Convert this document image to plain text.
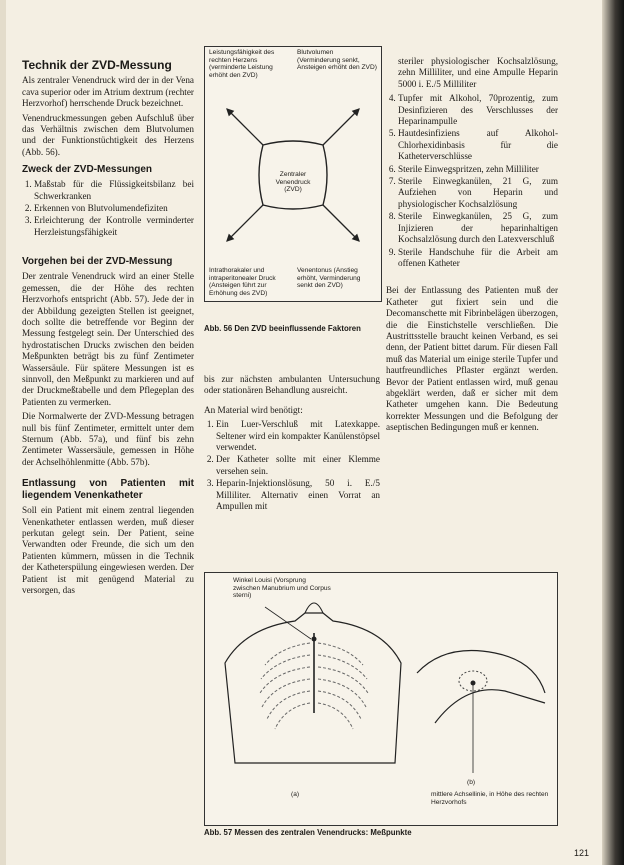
Technik der ZVD-Messung

Als zentraler Venendruck wird der in der Vena cava superior oder im Atrium dextrum (rechter Herzvorhof) herrschende Druck bezeichnet.

Venendruckmessungen geben Aufschluß über das Verhältnis zwischen dem Blutvolumen und der Funktionstüchtigkeit des Herzens (Abb. 56).

Zweck der ZVD-Messungen
1. Maßstab für die Flüssigkeitsbilanz bei Schwerkranken
2. Erkennen von Blutvolumendefiziten
3. Erleichterung der Kontrolle verminderter Herzleistungsfähigkeit
Vorgehen bei der ZVD-Messung

Der zentrale Venendruck wird an einer Stelle gemessen, die der Höhe des rechten Herzvorhofs entspricht (Abb. 57). Jede der in der Abbildung gezeigten Stellen ist geeignet, doch sollte die betreffende vor Beginn der Messung festgelegt sein. Der Unterschied des hydrostatischen Drucks zwischen den beiden Meßpunkten beträgt bis zu fünf Zentimeter Wassersäule. Für spätere Messungen ist es sinnvoll, den Meßpunkt zu markieren und auf der Druckmeßtabelle und dem Pflegeplan des Patienten zu vermerken.

Die Normalwerte der ZVD-Messung betragen null bis fünf Zentimeter, ermittelt unter dem Sternum (Abb. 57a), und fünf bis zehn Zentimeter Wassersäule, gemessen in Höhe der Achselhöhlenmitte (Abb. 57b).

Entlassung von Patienten mit liegendem Venenkatheter

Soll ein Patient mit einem zentral liegenden Venenkatheter entlassen werden, muß dieser perkutan gelegt sein. Der Patient, seine Verwandten oder Freunde, die sich um den Patienten kümmern, müssen in die Technik der Katheterspülung eingewiesen werden. Der Patient ist mit genügend Material zu versorgen, das

Leistungsfähigkeit des rechten Herzens (verminderte Leistung erhöht den ZVD)
Blutvolumen (Verminderung senkt, Ansteigen erhöht den ZVD)
Zentraler Venendruck (ZVD)
Intrathorakaler und intraperitonealer Druck (Ansteigen führt zur Erhöhung des ZVD)
Venentonus (Anstieg erhöht, Verminderung senkt den ZVD)
Abb. 56 Den ZVD beeinflussende Faktoren

bis zur nächsten ambulanten Untersuchung oder stationären Behandlung ausreicht.

An Material wird benötigt:

1. Ein Luer-Verschluß mit Latexkappe. Seltener wird ein kompakter Kanülenstöpsel verwendet.
2. Der Katheter sollte mit einer Klemme versehen sein.
3. Heparin-Injektionslösung, 50 i. E./5 Milliliter. Alternativ einen Vorrat an Ampullen mit

steriler physiologischer Kochsalzlösung, zehn Milliliter, und eine Ampulle Heparin 5000 i. E./5 Milliliter

4. Tupfer mit Alkohol, 70prozentig, zum Desinfizieren des Verschlusses der Heparinampulle
5. Hautdesinfiziens auf Alkohol-Chlorhexidinbasis für die Katheterverschlüsse
6. Sterile Einwegspritzen, zehn Milliliter
7. Sterile Einwegkanülen, 21 G, zum Aufziehen von Heparin und physiologischer Kochsalzlösung
8. Sterile Einwegkanülen, 25 G, zum Injizieren der heparinhaltigen Kochsalzlösung durch den Latexverschluß
9. Sterile Handschuhe für die Arbeit am offenen Katheter

Bei der Entlassung des Patienten muß der Katheter gut fixiert sein und die Decomanschette mit Fibrinbelägen überzogen, die die Einstichstelle verschließen. Die Austrittsstelle braucht keinen Verband, es sei denn, der Patient bittet darum. Für diesen Fall muß das Material um einige sterile Tupfer und hautfreundliches Pflaster ergänzt werden. Bevor der Patient entlassen wird, muß genau abgeklärt werden, daß er sicher mit dem Katheter umgehen kann. Die Bedeutung korrekter Messungen und die Befolgung der aseptischen Bedingungen muß er kennen.

Winkel Louisi (Vorsprung zwischen Manubrium und Corpus sterni)
(a)
(b)
mittlere Achsellinie, in Höhe des rechten Herzvorhofs
Abb. 57 Messen des zentralen Venendrucks: Meßpunkte
121
